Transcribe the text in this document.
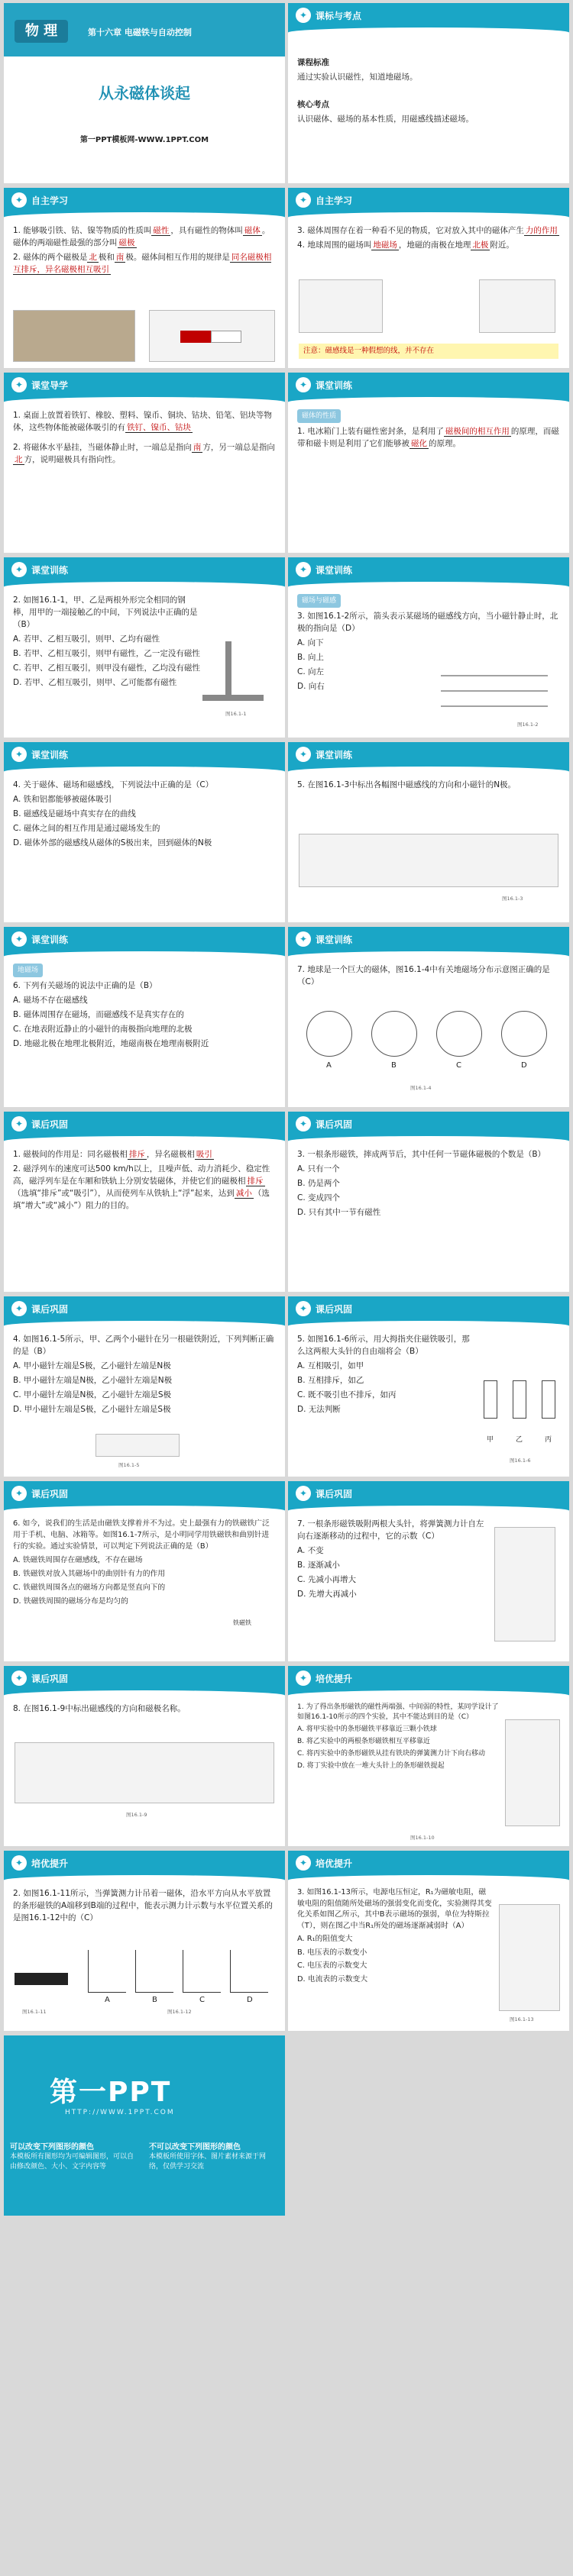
物 理	第十六章 电磁铁与自动控制
从永磁体谈起
第一PPT模板网-WWW.1PPT.COM
✦ 课标与考点

课程标准

通过实验认识磁性，知道地磁场。

核心考点

认识磁体、磁场的基本性质，用磁感线描述磁场。

✦ 自主学习

1. 能够吸引铁、钴、镍等物质的性质叫 磁性 ，具有磁性的物体叫 磁体 。磁体的两端磁性最强的部分叫 磁极

2. 磁体的两个磁极是 北 极和 南 极。磁体间相互作用的规律是 同名磁极相互排斥，异名磁极相互吸引

✦ 自主学习

3. 磁体周围存在着一种看不见的物质，它对放入其中的磁体产生 力的作用

4. 地球周围的磁场叫 地磁场 ，地磁的南极在地理 北极 附近。

注意：磁感线是一种假想的线，并不存在
✦ 课堂导学

1. 桌面上放置着铁钉、橡胶、塑料、镍币、铜块、钴块、铅笔、铝块等物体，这些物体能被磁体吸引的有 铁钉、镍币、钴块

2. 将磁体水平悬挂，当磁体静止时，一端总是指向 南 方，另一端总是指向北 方，说明磁极具有指向性。

✦ 课堂训练

磁体的性质

1. 电冰箱门上装有磁性密封条，是利用了 磁极间的相互作用 的原理，而磁带和磁卡则是利用了它们能够被 磁化 的原理。

✦ 课堂训练

2. 如图16.1-1，甲、乙是两根外形完全相同的钢棒，用甲的一端接触乙的中间，下列说法中正确的是（B）

A. 若甲、乙相互吸引，则甲、乙均有磁性

B. 若甲、乙相互吸引，则甲有磁性，乙一定没有磁性

C. 若甲、乙相互吸引，则甲没有磁性，乙均没有磁性

D. 若甲、乙相互吸引，则甲、乙可能都有磁性

图16.1-1
✦ 课堂训练

磁场与磁感

3. 如图16.1-2所示，箭头表示某磁场的磁感线方向，当小磁针静止时，北极的指向是（D）

A. 向下

B. 向上

C. 向左

D. 向右

图16.1-2
✦ 课堂训练

4. 关于磁体、磁场和磁感线，下列说法中正确的是（C）

A. 铁和铝都能够被磁体吸引

B. 磁感线是磁场中真实存在的曲线

C. 磁体之间的相互作用是通过磁场发生的

D. 磁体外部的磁感线从磁体的S极出来，回到磁体的N极

✦ 课堂训练

5. 在图16.1-3中标出各幅图中磁感线的方向和小磁针的N极。

图16.1-3
✦ 课堂训练

地磁场

6. 下列有关磁场的说法中正确的是（B）

A. 磁场不存在磁感线

B. 磁体周围存在磁场，而磁感线不是真实存在的

C. 在地表附近静止的小磁针的南极指向地理的北极

D. 地磁北极在地理北极附近，地磁南极在地理南极附近

✦ 课堂训练

7. 地球是一个巨大的磁体，图16.1-4中有关地磁场分布示意图正确的是（C）

A	B	C	D
图16.1-4
✦ 课后巩固

1. 磁极间的作用是：同名磁极相 排斥 ，异名磁极相 吸引

2. 磁浮列车的速度可达500 km/h以上，且噪声低、动力消耗少、稳定性高，磁浮列车是在车厢和铁轨上分别安装磁体，并使它们的磁极相 排斥（选填“排斥”或“吸引”），从而使列车从铁轨上“浮”起来，达到 减小 （选填“增大”或“减小”）阻力的目的。

✦ 课后巩固

3. 一根条形磁铁，摔成两节后，其中任何一节磁体磁极的个数是（B）

A. 只有一个

B. 仍是两个

C. 变成四个

D. 只有其中一节有磁性

✦ 课后巩固

4. 如图16.1-5所示，甲、乙两个小磁针在另一根磁铁附近，下列判断正确的是（B）

A. 甲小磁针左端是S极，乙小磁针左端是N极

B. 甲小磁针左端是N极，乙小磁针左端是N极

C. 甲小磁针左端是N极，乙小磁针左端是S极

D. 甲小磁针左端是S极，乙小磁针左端是S极

图16.1-5
✦ 课后巩固

5. 如图16.1-6所示，用大拇指夹住磁铁吸引，那么这两根大头针的自由端将会（B）

A. 互相吸引，如甲

B. 互相排斥，如乙

C. 既不吸引也不排斥，如丙

D. 无法判断

甲	乙	丙
图16.1-6
✦ 课后巩固

6. 如今，说我们的生活是由磁铁支撑着并不为过。史上最强有力的铁磁铁广泛用于手机、电脑、冰箱等。如图16.1-7所示，是小明同学用铁磁铁和曲别针进行的实验。通过实验情景，可以判定下列说法正确的是（B）

A. 铁磁铁周围存在磁感线，不存在磁场

B. 铁磁铁对放入其磁场中的曲别针有力的作用

C. 铁磁铁周围各点的磁场方向都是竖直向下的

D. 铁磁铁周围的磁场分布是均匀的

铁磁铁
✦ 课后巩固

7. 一根条形磁铁吸附两根大头针，将弹簧测力计自左向右逐渐移动的过程中，它的示数（C）

A. 不变

B. 逐渐减小

C. 先减小再增大

D. 先增大再减小

✦ 课后巩固

8. 在图16.1-9中标出磁感线的方向和磁极名称。

图16.1-9
✦ 培优提升

1. 为了得出条形磁铁的磁性两端强、中间弱的特性，某同学设计了如图16.1-10所示的四个实验，其中不能达到目的是（C）

A. 将甲实验中的条形磁铁平移靠近三颗小铁球

B. 将乙实验中的两根条形磁铁相互平移靠近

C. 将丙实验中的条形磁铁从挂有铁块的弹簧测力计下向右移动

D. 将丁实验中放在一堆大头针上的条形磁铁提起

图16.1-10
✦ 培优提升

2. 如图16.1-11所示，当弹簧测力计吊着一磁体，沿水平方向从水平放置的条形磁铁的A端移到B端的过程中，能表示测力计示数与水平位置关系的是图16.1-12中的（C）

A	B	C	D
图16.1-11	图16.1-12
✦ 培优提升

3. 如图16.1-13所示，电源电压恒定，R₁为磁敏电阻，磁敏电阻的阻值随所处磁场的强弱变化而变化，实验测得其变化关系如图乙所示，其中B表示磁场的强弱，单位为特斯拉（T），则在图乙中当R₁所处的磁场逐渐减弱时（A）

A. R₁的阻值变大

B. 电压表的示数变小

C. 电压表的示数变大

D. 电流表的示数变大

图16.1-13
第一PPT
HTTP://WWW.1PPT.COM
可以改变下列图形的颜色
本模板所有图形均为可编辑图形，可以自由修改颜色、大小、文字内容等
不可以改变下列图形的颜色
本模板所使用字体、图片素材来源于网络，仅供学习交流
